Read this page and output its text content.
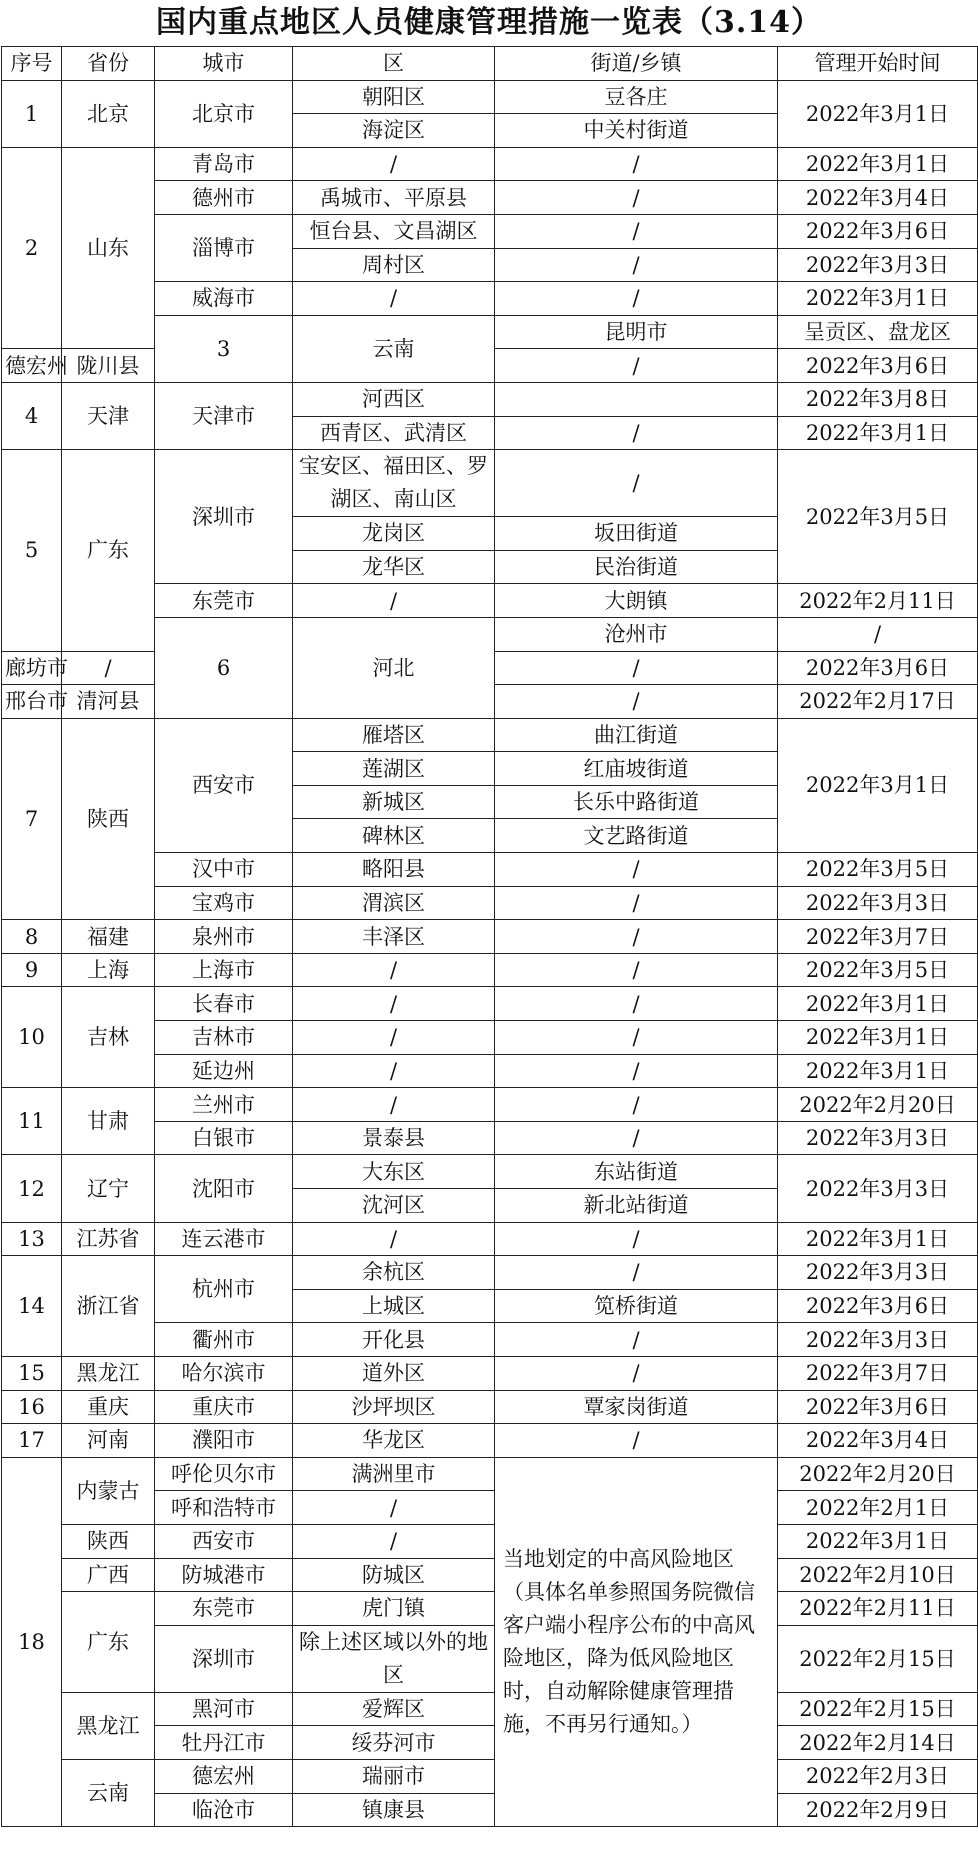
国内重点地区人员健康管理措施一览表（3.14）
序号	省份	城市	区	街道/乡镇	管理开始时间	
1	北京	北京市	朝阳区	豆各庄	2022年3月1日	
			海淀区	中关村街道		
2	山东	青岛市	/	/	2022年3月1日	
		德州市	禹城市、平原县	/	2022年3月4日	
		淄博市	恒台县、文昌湖区	/	2022年3月6日	
			周村区	/	2022年3月3日	
		威海市	/	/	2022年3月1日	
		3	云南	昆明市	呈贡区、盘龙区		
德宏州	陇川县			/	2022年3月6日	
4	天津	天津市	河西区		2022年3月8日	
			西青区、武清区	/	2022年3月1日	
5	广东	深圳市	宝安区、福田区、罗湖区、南山区	/	2022年3月5日	

			龙岗区	坂田街道		
			龙华区	民治街道		
		东莞市	/	大朗镇	2022年2月11日	
		6	河北	沧州市	/		
廊坊市	/			/	2022年3月6日	
邢台市	清河县			/	2022年2月17日	
7	陕西	西安市	雁塔区	曲江街道	2022年3月1日	
			莲湖区	红庙坡街道		
			新城区	长乐中路街道		
			碑林区	文艺路街道		
		汉中市	略阳县	/	2022年3月5日	
		宝鸡市	渭滨区	/	2022年3月3日	
8	福建	泉州市	丰泽区	/	2022年3月7日	
9	上海	上海市	/	/	2022年3月5日	
10	吉林	长春市	/	/	2022年3月1日	
		吉林市	/	/	2022年3月1日	
		延边州	/	/	2022年3月1日	
11	甘肃	兰州市	/	/	2022年2月20日	
		白银市	景泰县	/	2022年3月3日	
12	辽宁	沈阳市	大东区	东站街道	2022年3月3日	
			沈河区	新北站街道		
13	江苏省	连云港市	/	/	2022年3月1日	
14	浙江省	杭州市	余杭区	/	2022年3月3日	
			上城区	笕桥街道	2022年3月6日	
		衢州市	开化县	/	2022年3月3日	
15	黑龙江	哈尔滨市	道外区	/	2022年3月7日	
16	重庆	重庆市	沙坪坝区	覃家岗街道	2022年3月6日	
17	河南	濮阳市	华龙区	/	2022年3月4日	
18	内蒙古	呼伦贝尔市	满洲里市	当地划定的中高风险地区（具体名单参照国务院微信客户端小程序公布的中高风险地区，降为低风险地区时，自动解除健康管理措施，不再另行通知。）	2022年2月20日	
		呼和浩特市	/		2022年2月1日	
	陕西	西安市	/		2022年3月1日	
	广西	防城港市	防城区		2022年2月10日	
	广东	东莞市	虎门镇		2022年2月11日	
		深圳市	除上述区域以外的地区		2022年2月15日	

	黑龙江	黑河市	爱辉区		2022年2月15日	
		牡丹江市	绥芬河市		2022年2月14日	
	云南	德宏州	瑞丽市		2022年2月3日	
		临沧市	镇康县		2022年2月9日	
